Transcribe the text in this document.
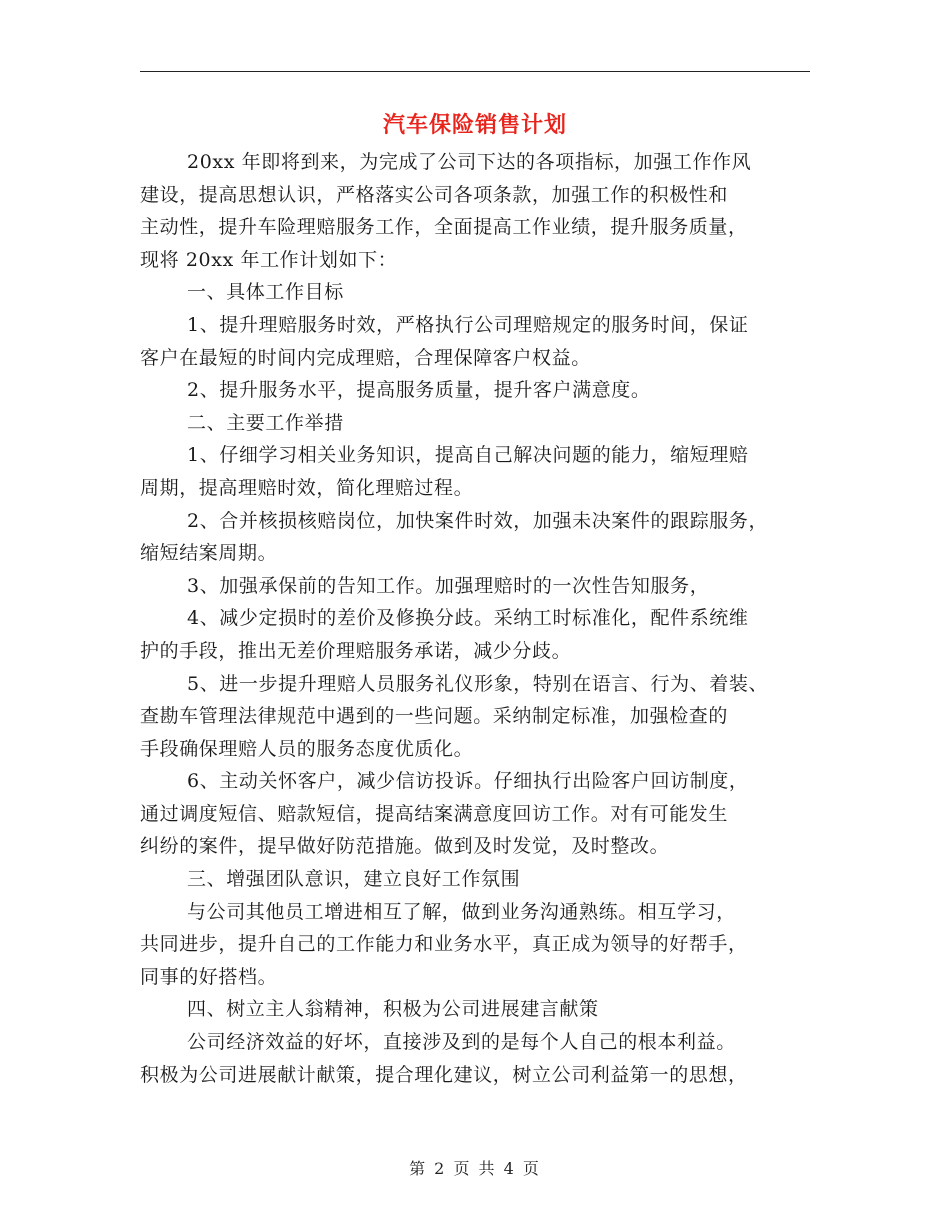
汽车保险销售计划
20xx 年即将到来，为完成了公司下达的各项指标，加强工作作风
建设，提高思想认识，严格落实公司各项条款，加强工作的积极性和
主动性，提升车险理赔服务工作，全面提高工作业绩，提升服务质量，
现将 20xx 年工作计划如下：
一、具体工作目标
1、提升理赔服务时效，严格执行公司理赔规定的服务时间，保证
客户在最短的时间内完成理赔，合理保障客户权益。
2、提升服务水平，提高服务质量，提升客户满意度。
二、主要工作举措
1、仔细学习相关业务知识，提高自己解决问题的能力，缩短理赔
周期，提高理赔时效，简化理赔过程。
2、合并核损核赔岗位，加快案件时效，加强未决案件的跟踪服务，
缩短结案周期。
3、加强承保前的告知工作。加强理赔时的一次性告知服务，
4、减少定损时的差价及修换分歧。采纳工时标准化，配件系统维
护的手段，推出无差价理赔服务承诺，减少分歧。
5、进一步提升理赔人员服务礼仪形象，特别在语言、行为、着装、
查勘车管理法律规范中遇到的一些问题。采纳制定标准，加强检查的
手段确保理赔人员的服务态度优质化。
6、主动关怀客户，减少信访投诉。仔细执行出险客户回访制度，
通过调度短信、赔款短信，提高结案满意度回访工作。对有可能发生
纠纷的案件，提早做好防范措施。做到及时发觉，及时整改。
三、增强团队意识，建立良好工作氛围
与公司其他员工增进相互了解，做到业务沟通熟练。相互学习，
共同进步，提升自己的工作能力和业务水平，真正成为领导的好帮手，
同事的好搭档。
四、树立主人翁精神，积极为公司进展建言献策
公司经济效益的好坏，直接涉及到的是每个人自己的根本利益。
积极为公司进展献计献策，提合理化建议，树立公司利益第一的思想，
第 2 页 共 4 页
